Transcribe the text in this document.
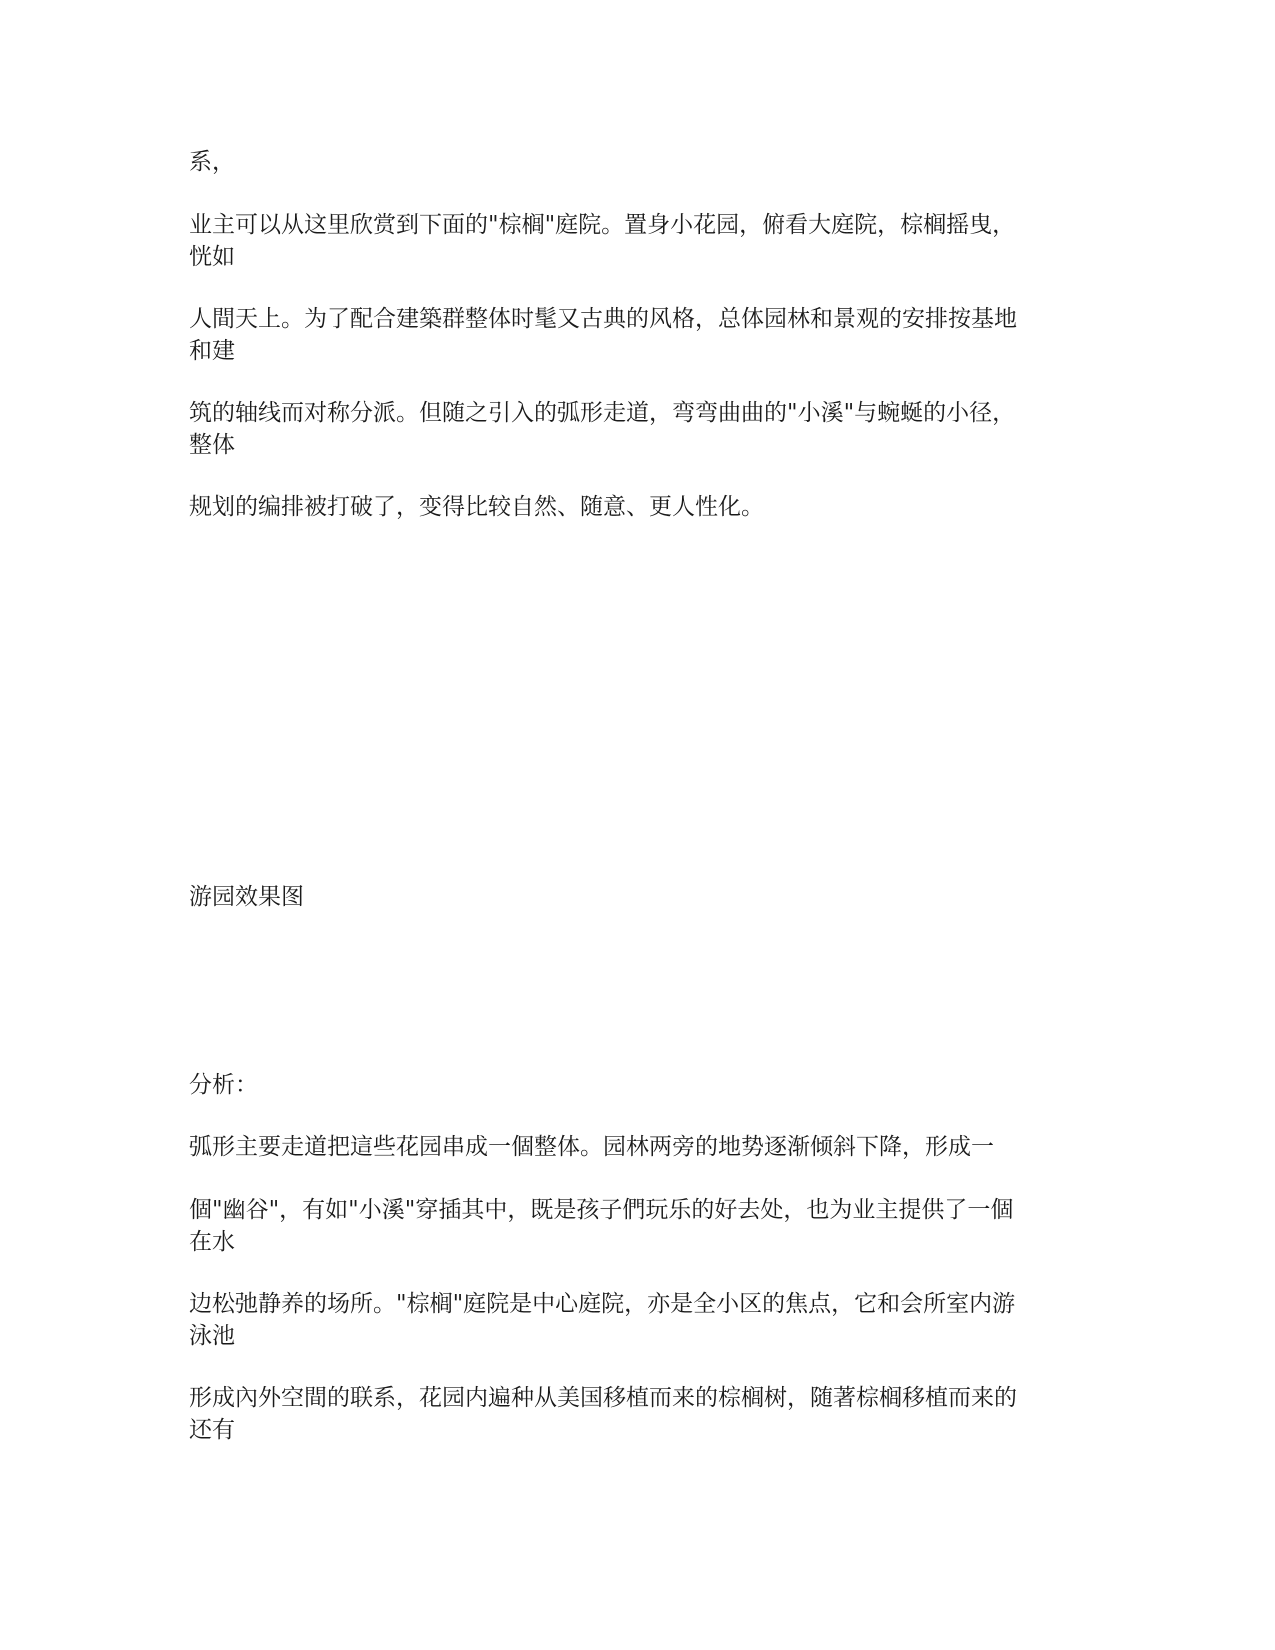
系，

业主可以从这里欣赏到下面的"棕榈"庭院。置身小花园，俯看大庭院，棕榈摇曳，
恍如

人間天上。为了配合建築群整体时髦又古典的风格，总体园林和景观的安排按基地
和建

筑的轴线而对称分派。但随之引入的弧形走道，弯弯曲曲的"小溪"与蜿蜒的小径，
整体

规划的编排被打破了，变得比较自然、随意、更人性化。

游园效果图

分析：

弧形主要走道把這些花园串成一個整体。园林两旁的地势逐渐倾斜下降，形成一

個"幽谷"，有如"小溪"穿插其中，既是孩子們玩乐的好去处，也为业主提供了一個
在水

边松弛静养的场所。"棕榈"庭院是中心庭院，亦是全小区的焦点，它和会所室内游
泳池

形成內外空間的联系，花园内遍种从美国移植而来的棕榈树，随著棕榈移植而来的
还有
